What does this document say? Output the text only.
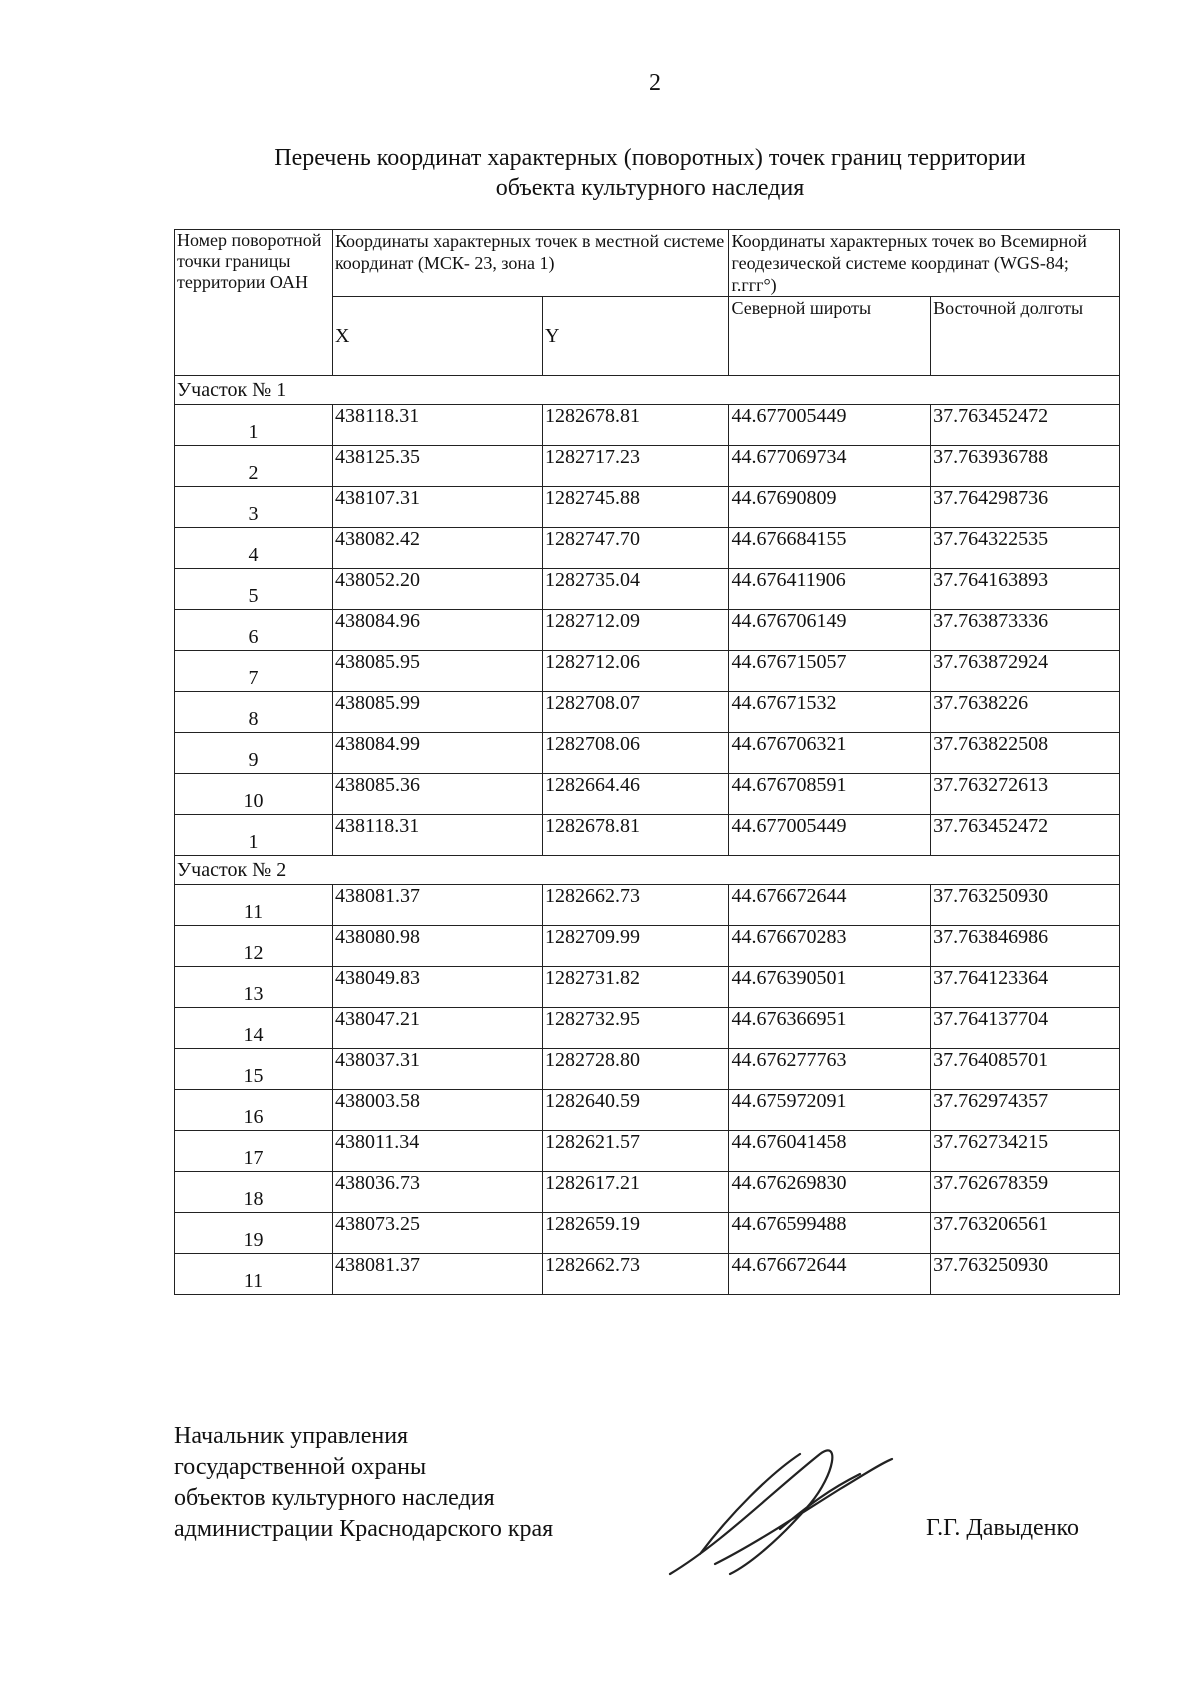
2
Перечень координат характерных (поворотных) точек границ территории
объекта культурного наследия
Номер поворотной точки границы территории ОАН	Координаты характерных точек в местной системе координат (МСК- 23, зона 1)		Координаты характерных точек во Всемирной геодезической системе координат (WGS-84; г.ггг°)	
	X	Y	Северной широты	Восточной долготы
Участок № 1				
1	438118.31	1282678.81	44.677005449	37.763452472
2	438125.35	1282717.23	44.677069734	37.763936788
3	438107.31	1282745.88	44.67690809	37.764298736
4	438082.42	1282747.70	44.676684155	37.764322535
5	438052.20	1282735.04	44.676411906	37.764163893
6	438084.96	1282712.09	44.676706149	37.763873336
7	438085.95	1282712.06	44.676715057	37.763872924
8	438085.99	1282708.07	44.67671532	37.7638226
9	438084.99	1282708.06	44.676706321	37.763822508
10	438085.36	1282664.46	44.676708591	37.763272613
1	438118.31	1282678.81	44.677005449	37.763452472
Участок № 2				
11	438081.37	1282662.73	44.676672644	37.763250930
12	438080.98	1282709.99	44.676670283	37.763846986
13	438049.83	1282731.82	44.676390501	37.764123364
14	438047.21	1282732.95	44.676366951	37.764137704
15	438037.31	1282728.80	44.676277763	37.764085701
16	438003.58	1282640.59	44.675972091	37.762974357
17	438011.34	1282621.57	44.676041458	37.762734215
18	438036.73	1282617.21	44.676269830	37.762678359
19	438073.25	1282659.19	44.676599488	37.763206561
11	438081.37	1282662.73	44.676672644	37.763250930
Начальник управления
государственной охраны
объектов культурного наследия
администрации Краснодарского края	Г.Г. Давыденко
